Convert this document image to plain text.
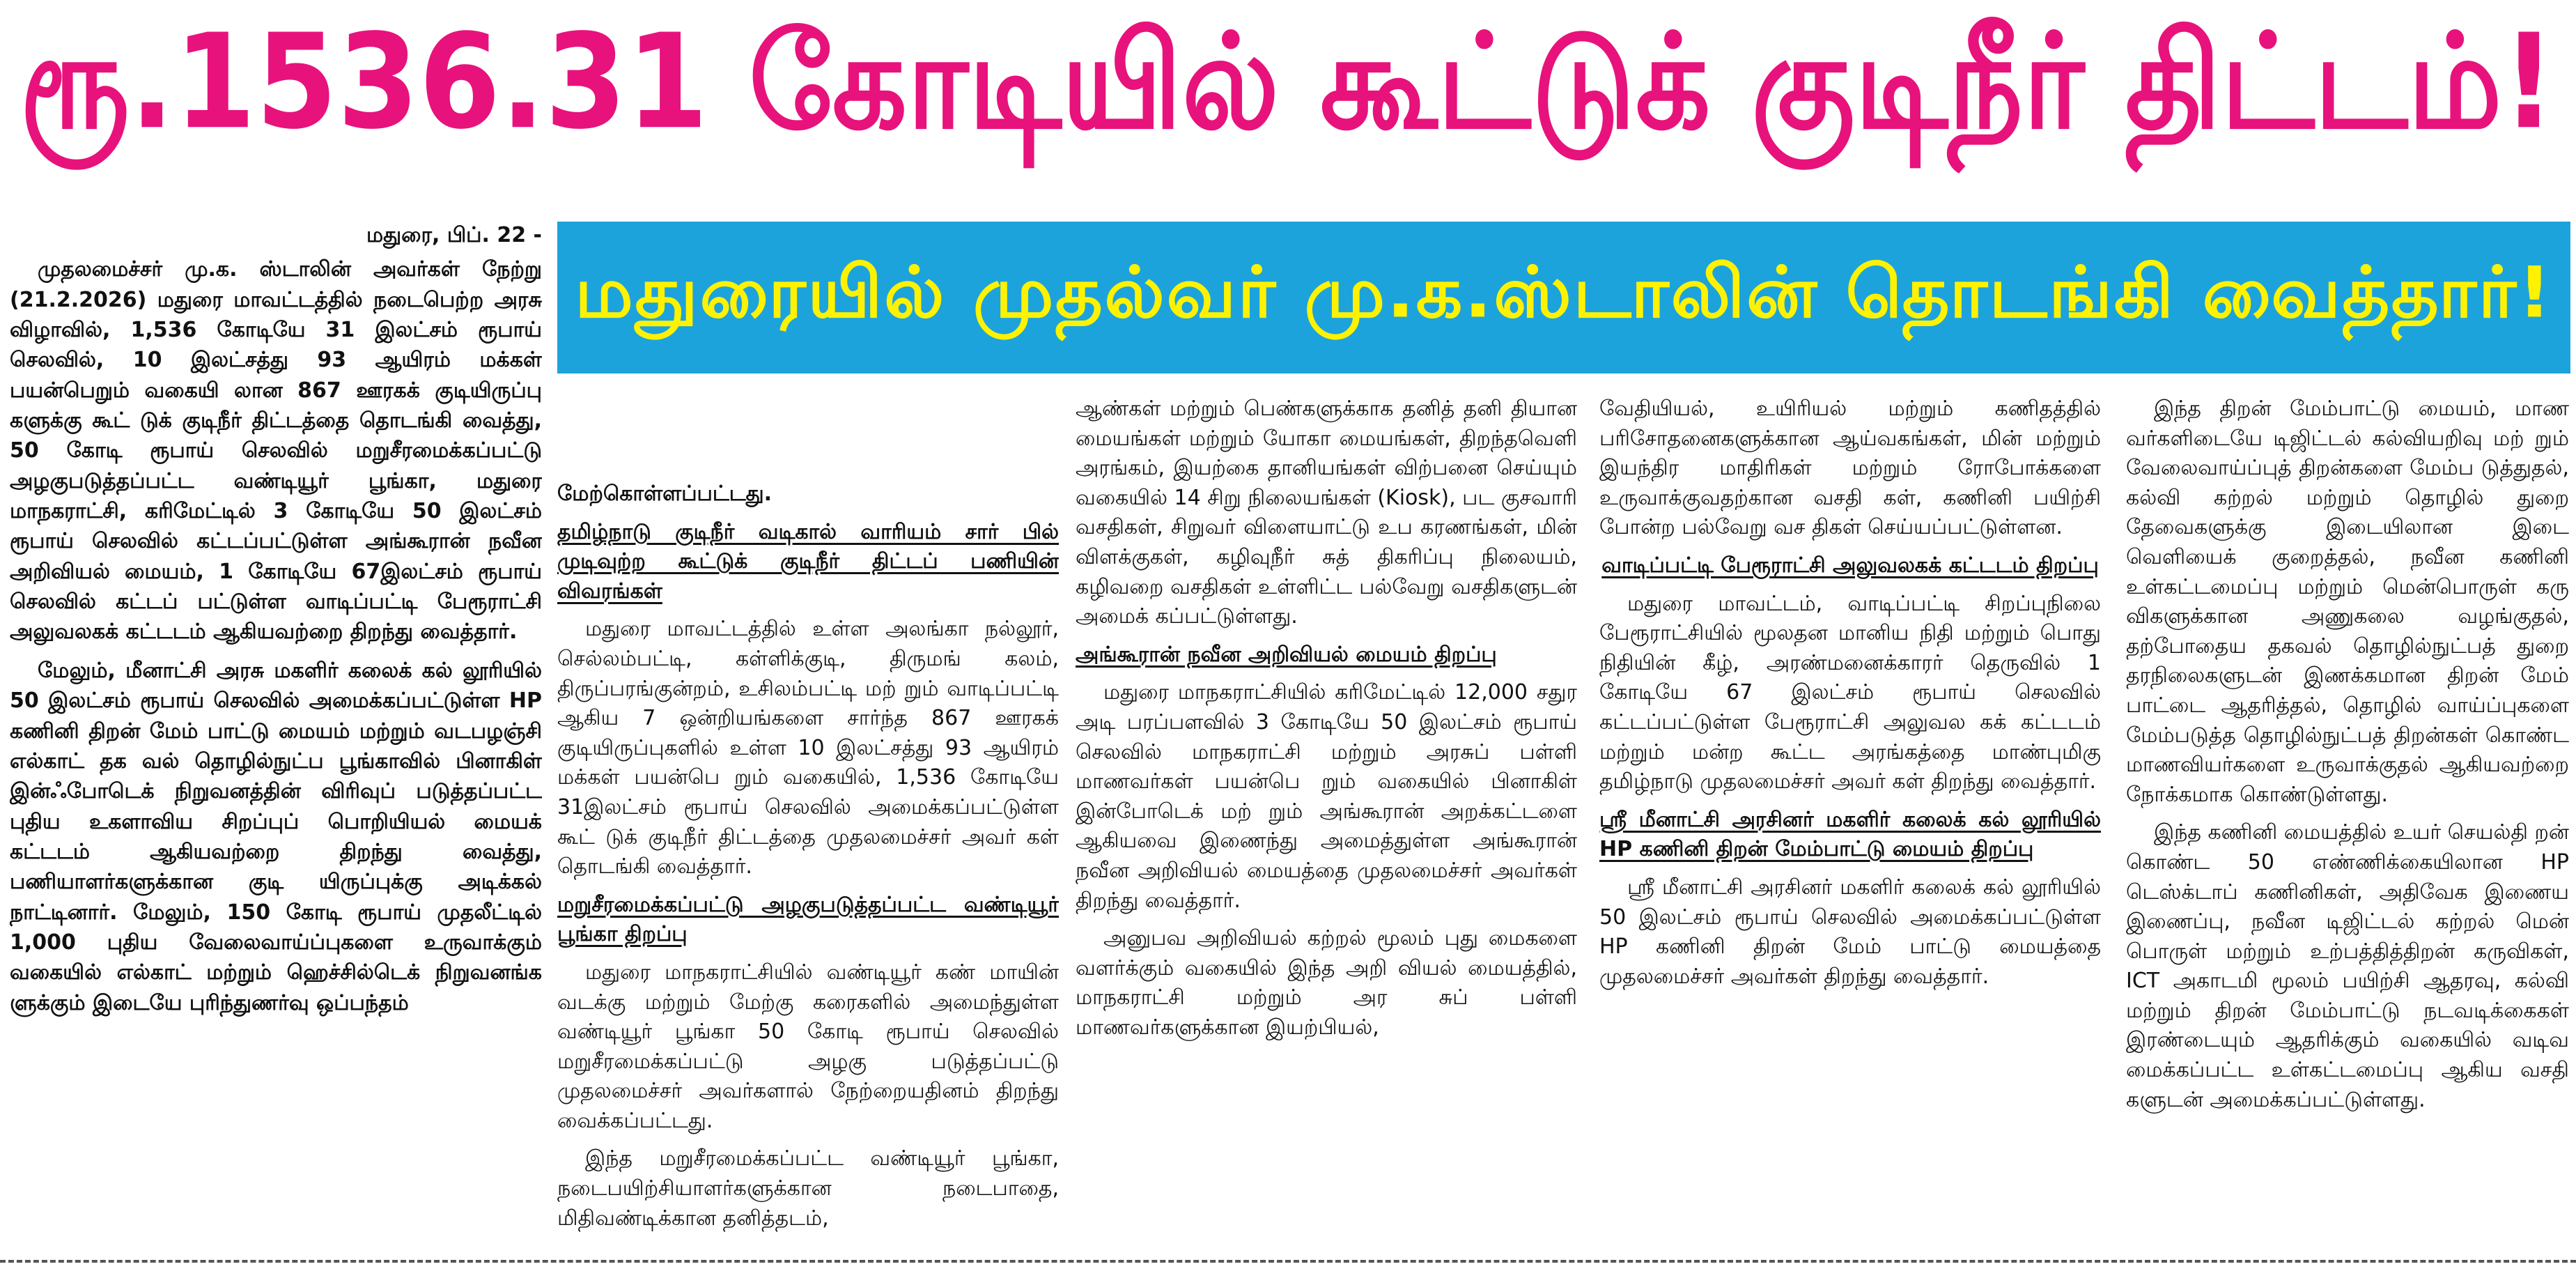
ரூ.1536.31 கோடியில் கூட்டுக் குடிநீர் திட்டம்!

மதுரை, பிப். 22 -

முதலமைச்சர் மு.க. ஸ்டாலின் அவர்கள் நேற்று (21.2.2026) மதுரை மாவட்டத்தில் நடைபெற்ற அரசு விழாவில், 1,536 கோடியே 31 இலட்சம் ரூபாய் செலவில், 10 இலட்சத்து 93 ஆயிரம் மக்கள் பயன்பெறும் வகையி லான 867 ஊரகக் குடியிருப்பு களுக்கு கூட் டுக் குடிநீர் திட்டத்தை தொடங்கி வைத்து, 50 கோடி ரூபாய் செலவில் மறுசீரமைக்கப்பட்டு அழகுபடுத்தப்பட்ட வண்டியூர் பூங்கா, மதுரை மாநகராட்சி, கரிமேட்டில் 3 கோடியே 50 இலட்சம் ரூபாய் செலவில் கட்டப்பட்டுள்ள அங்கூரான் நவீன அறிவியல் மையம், 1 கோடியே 67இலட்சம் ரூபாய் செலவில் கட்டப் பட்டுள்ள வாடிப்பட்டி பேரூராட்சி அலுவலகக் கட்டடம் ஆகியவற்றை திறந்து வைத்தார்.

மேலும், மீனாட்சி அரசு மகளிர் கலைக் கல் லூரியில் 50 இலட்சம் ரூபாய் செலவில் அமைக்கப்பட்டுள்ள HP கணினி திறன் மேம் பாட்டு மையம் மற்றும் வடபழஞ்சி எல்காட் தக வல் தொழில்நுட்ப பூங்காவில் பினாகிள் இன்ஃபோடெக் நிறுவனத்தின் விரிவுப் படுத்தப்பட்ட புதிய உகளாவிய சிறப்புப் பொறியியல் மையக் கட்டடம் ஆகியவற்றை திறந்து வைத்து, பணியாளர்களுக்கான குடி யிருப்புக்கு அடிக்கல் நாட்டினார். மேலும், 150 கோடி ரூபாய் முதலீட்டில் 1,000 புதிய வேலைவாய்ப்புகளை உருவாக்கும் வகையில் எல்காட் மற்றும் ஹெச்சில்டெக் நிறுவனங்க ளுக்கும் இடையே புரிந்துணர்வு ஒப்பந்தம்

மதுரையில் முதல்வர் மு.க.ஸ்டாலின் தொடங்கி வைத்தார்!

மேற்கொள்ளப்பட்டது.

தமிழ்நாடு குடிநீர் வடிகால் வாரியம் சார் பில் முடிவுற்ற கூட்டுக் குடிநீர் திட்டப் பணியின் விவரங்கள்

மதுரை மாவட்டத்தில் உள்ள அலங்கா நல்லூர், செல்லம்பட்டி, கள்ளிக்குடி, திருமங் கலம், திருப்பரங்குன்றம், உசிலம்பட்டி மற் றும் வாடிப்பட்டி ஆகிய 7 ஒன்றியங்களை சார்ந்த 867 ஊரகக் குடியிருப்புகளில் உள்ள 10 இலட்சத்து 93 ஆயிரம் மக்கள் பயன்பெ றும் வகையில், 1,536 கோடியே 31இலட்சம் ரூபாய் செலவில் அமைக்கப்பட்டுள்ள கூட் டுக் குடிநீர் திட்டத்தை முதலமைச்சர் அவர் கள் தொடங்கி வைத்தார்.

மறுசீரமைக்கப்பட்டு அழகுபடுத்தப்பட்ட வண்டியூர் பூங்கா திறப்பு

மதுரை மாநகராட்சியில் வண்டியூர் கண் மாயின் வடக்கு மற்றும் மேற்கு கரைகளில் அமைந்துள்ள வண்டியூர் பூங்கா 50 கோடி ரூபாய் செலவில் மறுசீரமைக்கப்பட்டு அழகு படுத்தப்பட்டு முதலமைச்சர் அவர்களால் நேற்றையதினம் திறந்து வைக்கப்பட்டது.

இந்த மறுசீரமைக்கப்பட்ட வண்டியூர் பூங்கா, நடைபயிற்சியாளர்களுக்கான நடைபாதை, மிதிவண்டிக்கான தனித்தடம்,

ஆண்கள் மற்றும் பெண்களுக்காக தனித் தனி தியான மையங்கள் மற்றும் யோகா மையங்கள், திறந்தவெளி அரங்கம், இயற்கை தானியங்கள் விற்பனை செய்யும் வகையில் 14 சிறு நிலையங்கள் (Kiosk), பட குசவாரி வசதிகள், சிறுவர் விளையாட்டு உப கரணங்கள், மின் விளக்குகள், கழிவுநீர் சுத் திகரிப்பு நிலையம், கழிவறை வசதிகள் உள்ளிட்ட பல்வேறு வசதிகளுடன் அமைக் கப்பட்டுள்ளது.

அங்கூரான் நவீன அறிவியல் மையம் திறப்பு

மதுரை மாநகராட்சியில் கரிமேட்டில் 12,000 சதுர அடி பரப்பளவில் 3 கோடியே 50 இலட்சம் ரூபாய் செலவில் மாநகராட்சி மற்றும் அரசுப் பள்ளி மாணவர்கள் பயன்பெ றும் வகையில் பினாகிள் இன்போடெக் மற் றும் அங்கூரான் அறக்கட்டளை ஆகியவை இணைந்து அமைத்துள்ள அங்கூரான் நவீன அறிவியல் மையத்தை முதலமைச்சர் அவர்கள் திறந்து வைத்தார்.

அனுபவ அறிவியல் கற்றல் மூலம் புது மைகளை வளர்க்கும் வகையில் இந்த அறி வியல் மையத்தில், மாநகராட்சி மற்றும் அர சுப் பள்ளி மாணவர்களுக்கான இயற்பியல்,

வேதியியல், உயிரியல் மற்றும் கணிதத்தில் பரிசோதனைகளுக்கான ஆய்வகங்கள், மின் மற்றும் இயந்திர மாதிரிகள் மற்றும் ரோபோக்களை உருவாக்குவதற்கான வசதி கள், கணினி பயிற்சி போன்ற பல்வேறு வச திகள் செய்யப்பட்டுள்ளன.

வாடிப்பட்டி பேரூராட்சி அலுவலகக் கட்டடம் திறப்பு

மதுரை மாவட்டம், வாடிப்பட்டி சிறப்புநிலை பேரூராட்சியில் மூலதன மானிய நிதி மற்றும் பொது நிதியின் கீழ், அரண்மனைக்காரர் தெருவில் 1 கோடியே 67 இலட்சம் ரூபாய் செலவில் கட்டப்பட்டுள்ள பேரூராட்சி அலுவல கக் கட்டடம் மற்றும் மன்ற கூட்ட அரங்கத்தை மாண்புமிகு தமிழ்நாடு முதலமைச்சர் அவர் கள் திறந்து வைத்தார்.

ஸ்ரீ மீனாட்சி அரசினர் மகளிர் கலைக் கல் லூரியில் HP கணினி திறன் மேம்பாட்டு மையம் திறப்பு

ஸ்ரீ மீனாட்சி அரசினர் மகளிர் கலைக் கல் லூரியில் 50 இலட்சம் ரூபாய் செலவில் அமைக்கப்பட்டுள்ள HP கணினி திறன் மேம் பாட்டு மையத்தை முதலமைச்சர் அவர்கள் திறந்து வைத்தார்.

இந்த திறன் மேம்பாட்டு மையம், மாண வர்களிடையே டிஜிட்டல் கல்வியறிவு மற் றும் வேலைவாய்ப்புத் திறன்களை மேம்ப டுத்துதல், கல்வி கற்றல் மற்றும் தொழில் துறை தேவைகளுக்கு இடையிலான இடை வெளியைக் குறைத்தல், நவீன கணினி உள்கட்டமைப்பு மற்றும் மென்பொருள் கரு விகளுக்கான அணுகலை வழங்குதல், தற்போதைய தகவல் தொழில்நுட்பத் துறை தரநிலைகளுடன் இணக்கமான திறன் மேம் பாட்டை ஆதரித்தல், தொழில் வாய்ப்புகளை மேம்படுத்த தொழில்நுட்பத் திறன்கள் கொண்ட மாணவியர்களை உருவாக்குதல் ஆகியவற்றை நோக்கமாக கொண்டுள்ளது.

இந்த கணினி மையத்தில் உயர் செயல்தி றன் கொண்ட 50 எண்ணிக்கையிலான HP டெஸ்க்டாப் கணினிகள், அதிவேக இணைய இணைப்பு, நவீன டிஜிட்டல் கற்றல் மென் பொருள் மற்றும் உற்பத்தித்திறன் கருவிகள், ICT அகாடமி மூலம் பயிற்சி ஆதரவு, கல்வி மற்றும் திறன் மேம்பாட்டு நடவடிக்கைகள் இரண்டையும் ஆதரிக்கும் வகையில் வடிவ மைக்கப்பட்ட உள்கட்டமைப்பு ஆகிய வசதி களுடன் அமைக்கப்பட்டுள்ளது.
